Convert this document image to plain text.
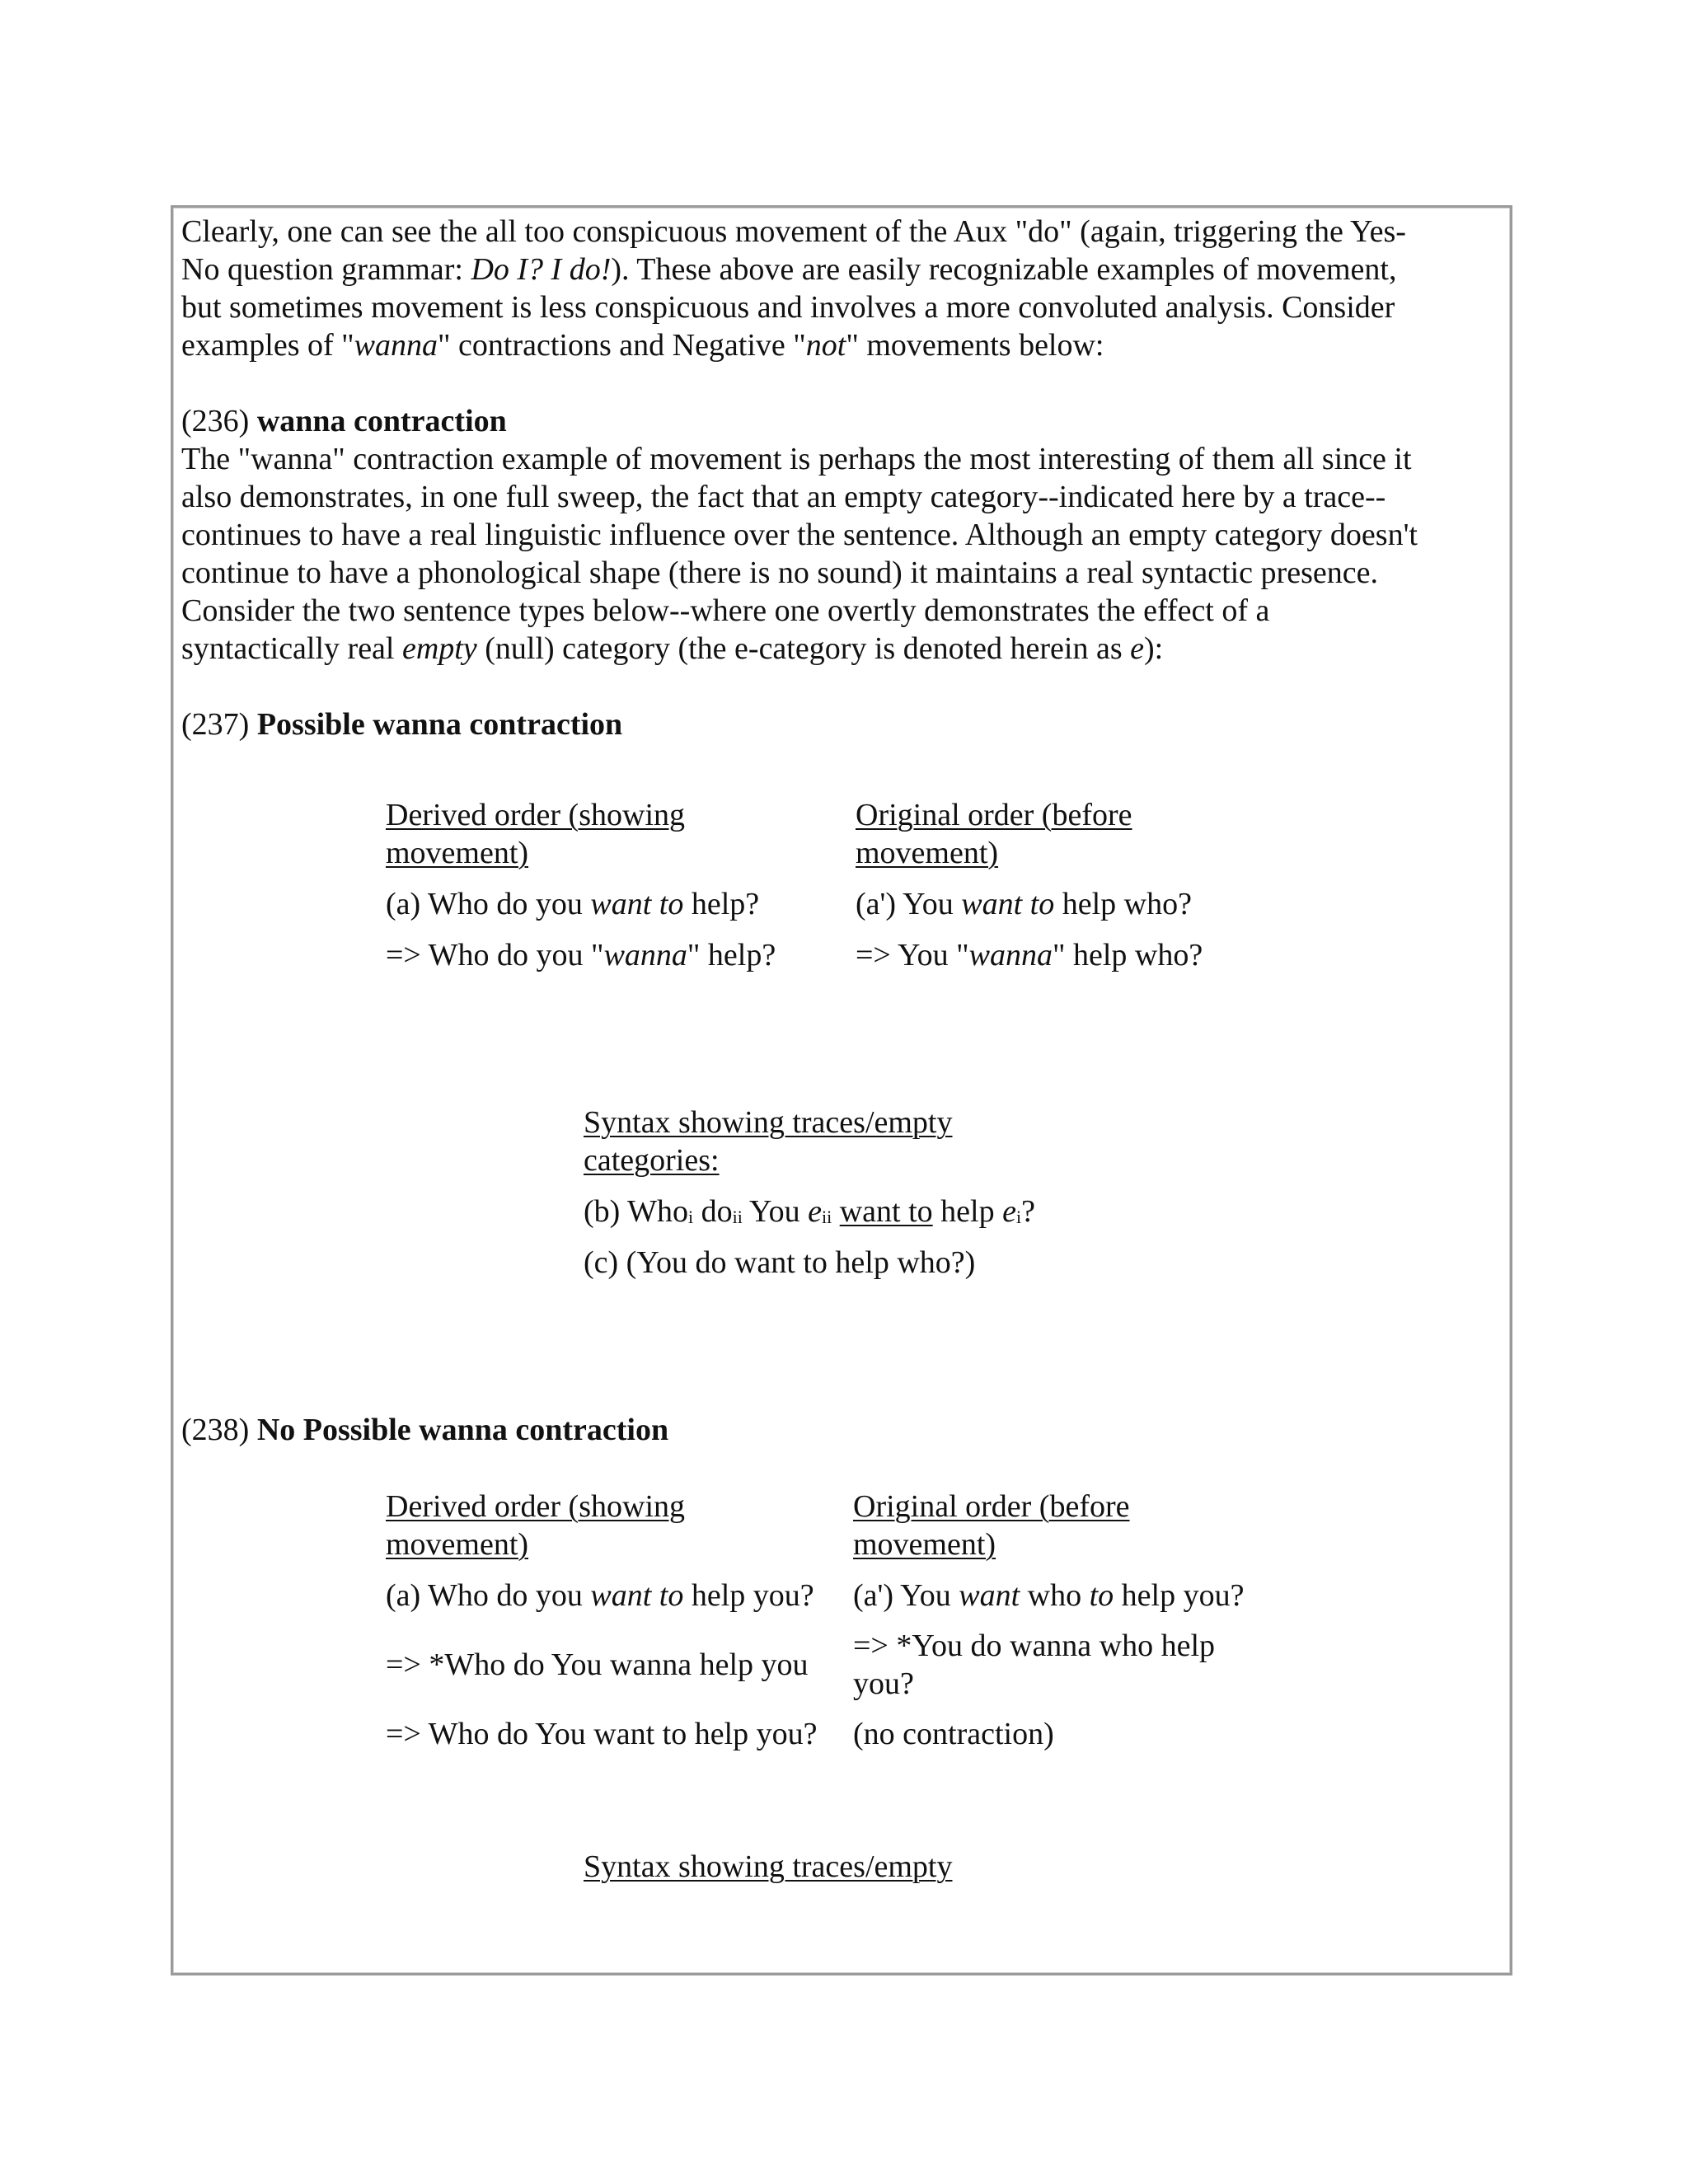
Clearly, one can see the all too conspicuous movement of the Aux "do" (again, triggering the Yes-

No question grammar: Do I? I do!). These above are easily recognizable examples of movement,

but sometimes movement is less conspicuous and involves a more convoluted analysis. Consider

examples of "wanna" contractions and Negative "not" movements below:

(236) wanna contraction

The "wanna" contraction example of movement is perhaps the most interesting of them all since it

also demonstrates, in one full sweep, the fact that an empty category--indicated here by a trace--

continues to have a real linguistic influence over the sentence. Although an empty category doesn't

continue to have a phonological shape (there is no sound) it maintains a real syntactic presence.

Consider the two sentence types below--where one overtly demonstrates the effect of a

syntactically real empty (null) category (the e-category is denoted herein as e):

(237) Possible wanna contraction

Derived order (showing
movement)
Original order (before
movement)
(a) Who do you want to help?	(a') You want to help who?
=> Who do you "wanna" help?	=> You "wanna" help who?
Syntax showing traces/empty
categories:
(b) Who$_i$ $do_{ii}$ You $e_{ii}$ want to help $e_i$?
(c) (You do want to help who?)
(238) No Possible wanna contraction
Derived order (showing
movement)
Original order (before
movement)
(a) Who do you want to help you? (a') You want who to help you?
=> *Who do You wanna help you
=> *You do wanna who help
you?
=> Who do You want to help you? (no contraction)
Syntax showing traces/empty
